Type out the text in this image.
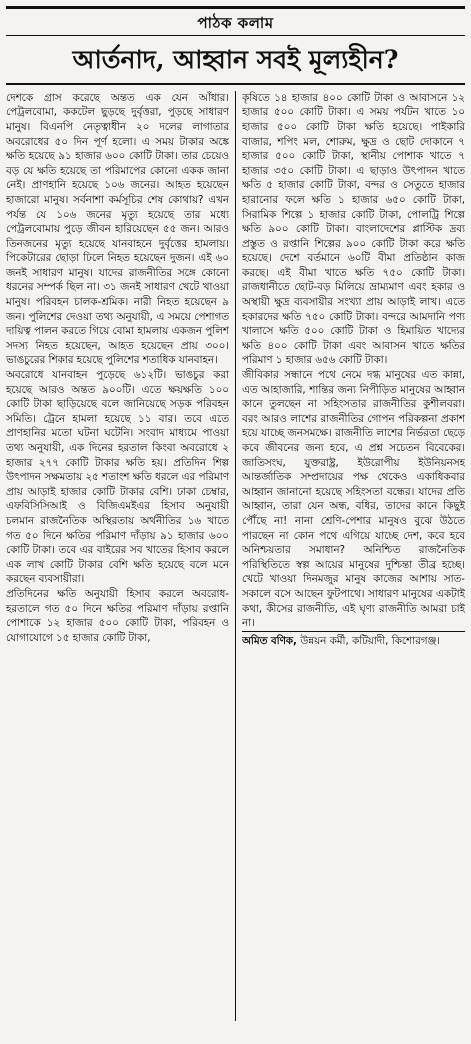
পাঠক কলাম
আর্তনাদ, আহ্বান সবই মূল্যহীন?

দেশকে গ্রাস করেছে অন্তত এক যেন আঁধার। পেট্রলবোমা, ককটেল ছুড়ছে দুর্বৃত্তরা, পুড়ছে সাধারণ মানুষ। বিএনপি নেতৃত্বাধীন ২০ দলের লাগাতার অবরোধের ৫০ দিন পূর্ণ হলো। এ সময় টাকার অঙ্কে ক্ষতি হয়েছে ৯১ হাজার ৬০০ কোটি টাকা। তার চেয়েও বড় যে ক্ষতি হয়েছে তা পরিমাপের কোনো একক জানা নেই। প্রাণহানি হয়েছে ১০৬ জনের। আহত হয়েছেন হাজারো মানুষ। সর্বনাশা কর্মসূচির শেষ কোথায়? এখন পর্যন্ত যে ১০৬ জনের মৃত্যু হয়েছে তার মধ্যে পেট্রলবোমায় পুড়ে জীবন হারিয়েছেন ৫৫ জন। আরও তিনজনের মৃত্যু হয়েছে যানবাহনে দুর্বৃত্তের হামলায়। পিকেটারের ছোড়া ঢিলে নিহত হয়েছেন দুজন। এই ৬০ জনই সাধারণ মানুষ। যাদের রাজনীতির সঙ্গে কোনো ধরনের সম্পর্ক ছিল না। ৩১ জনই সাধারণ খেটে খাওয়া মানুষ। পরিবহন চালক-শ্রমিক। নারী নিহত হয়েছেন ৯ জন। পুলিশের দেওয়া তথ্য অনুযায়ী, এ সময়ে পেশাগত দায়িত্ব পালন করতে গিয়ে বোমা হামলায় একজন পুলিশ সদস্য নিহত হয়েছেন, আহত হয়েছেন প্রায় ৩০০। ভাঙচুরের শিকার হয়েছে পুলিশের শতাধিক যানবাহন।

অবরোধে যানবাহন পুড়েছে ৬১২টি। ভাঙচুর করা হয়েছে আরও অন্তত ৯০০টি। এতে ক্ষয়ক্ষতি ১০০ কোটি টাকা ছাড়িয়েছে বলে জানিয়েছে সড়ক পরিবহন সমিতি। ট্রেনে হামলা হয়েছে ১১ বার। তবে এতে প্রাণহানির মতো ঘটনা ঘটেনি। সংবাদ মাধ্যমে পাওয়া তথ্য অনুযায়ী, এক দিনের হরতাল কিংবা অবরোধে ২ হাজার ২৭৭ কোটি টাকার ক্ষতি হয়। প্রতিদিন শিল্প উৎপাদন সক্ষমতায় ২৫ শতাংশ ক্ষতি ধরলে এর পরিমাণ প্রায় আড়াই হাজার কোটি টাকার বেশি। ঢাকা চেম্বার, এফবিসিসিআই ও বিজিএমইএর হিসাব অনুযায়ী চলমান রাজনৈতিক অস্থিরতায় অর্থনীতির ১৬ খাতে গত ৫০ দিনে ক্ষতির পরিমাণ দাঁড়ায় ৯১ হাজার ৬০০ কোটি টাকা। তবে এর বাইরের সব খাতের হিসাব করলে এক লাখ কোটি টাকার বেশি ক্ষতি হয়েছে বলে মনে করছেন ব্যবসায়ীরা।

প্রতিদিনের ক্ষতি অনুযায়ী হিসাব করলে অবরোধ-হরতালে গত ৫০ দিনে ক্ষতির পরিমাণ দাঁড়ায় রপ্তানি পোশাকে ১২ হাজার ৫০০ কোটি টাকা, পরিবহন ও যোগাযোগে ১৫ হাজার কোটি টাকা,

কৃষিতে ১৪ হাজার ৪০০ কোটি টাকা ও আবাসনে ১২ হাজার ৫০০ কোটি টাকা। এ সময় পর্যটন খাতে ১০ হাজার ৫০০ কোটি টাকা ক্ষতি হয়েছে। পাইকারি বাজার, শপিং মল, শোরুম, ক্ষুদ্র ও ছোট দোকানে ৭ হাজার ৫০০ কোটি টাকা, স্থানীয় পোশাক খাতে ৭ হাজার ৩৫০ কোটি টাকা। এ ছাড়াও উৎপাদন খাতে ক্ষতি ৫ হাজার কোটি টাকা, বন্দর ও সেতুতে হাজার হারানোর ফলে ক্ষতি ১ হাজার ৬৫০ কোটি টাকা, সিরামিক শিল্পে ১ হাজার কোটি টাকা, পোলট্রি শিল্পে ক্ষতি ৯০০ কোটি টাকা। বাংলাদেশের প্লাস্টিক দ্রব্য প্রস্তুত ও রপ্তানি শিল্পের ৯০০ কোটি টাকা করে ক্ষতি হয়েছে। দেশে বর্তমানে ৬০টি বীমা প্রতিষ্ঠান কাজ করছে। এই বীমা খাতে ক্ষতি ৭৫০ কোটি টাকা। রাজধানীতে ছোট-বড় মিলিয়ে ভ্রাম্যমাণ এবং হকার ও অস্থায়ী ক্ষুদ্র ব্যবসায়ীর সংখ্যা প্রায় আড়াই লাখ। এতে হকারদের ক্ষতি ৭৫০ কোটি টাকা। বন্দরে আমদানি পণ্য খালাসে ক্ষতি ৫০০ কোটি টাকা ও হিমায়িত খাদ্যের ক্ষতি ৪০০ কোটি টাকা এবং আবাসন খাতে ক্ষতির পরিমাণ ১ হাজার ৬৫৬ কোটি টাকা।

জীবিকার সন্ধানে পথে নেমে দগ্ধ মানুষের এত কান্না, এত আহাজারি, শান্তির জন্য নিপীড়িত মানুষের আহ্বান কানে তুলছেন না সহিংসতার রাজনীতির কুশীলবরা। বরং আরও লাশের রাজনীতির গোপন পরিকল্পনা প্রকাশ হয়ে যাচ্ছে জনসমক্ষে। রাজনীতি লাশের নির্ভরতা ছেড়ে কবে জীবনের জন্য হবে, এ প্রশ্ন সচেতন বিবেকের। জাতিসংঘ, যুক্তরাষ্ট্র, ইউরোপীয় ইউনিয়নসহ আন্তর্জাতিক সম্প্রদায়ের পক্ষ থেকেও একাধিকবার আহ্বান জানানো হয়েছে সহিংসতা বন্ধের। যাদের প্রতি আহ্বান, তারা যেন অন্ধ, বধির, তাদের কানে কিছুই পৌঁছে না! নানা শ্রেণি-পেশার মানুষও বুঝে উঠতে পারছেন না কোন পথে এগিয়ে যাচ্ছে দেশ, কবে হবে অনিশ্চয়তার সমাধান? অনিশ্চিত রাজনৈতিক পরিস্থিতিতে স্বল্প আয়ের মানুষের দুশ্চিন্তা তীব্র হচ্ছে। খেটে খাওয়া দিনমজুর মানুষ কাজের আশায় সাত-সকালে বসে আছেন ফুটপাথে। সাধারণ মানুষের একটাই কথা, কীসের রাজনীতি, এই ঘৃণ্য রাজনীতি আমরা চাই না।

অমিত বণিক, উন্নয়ন কর্মী, কটিয়াদী, কিশোরগঞ্জ।
